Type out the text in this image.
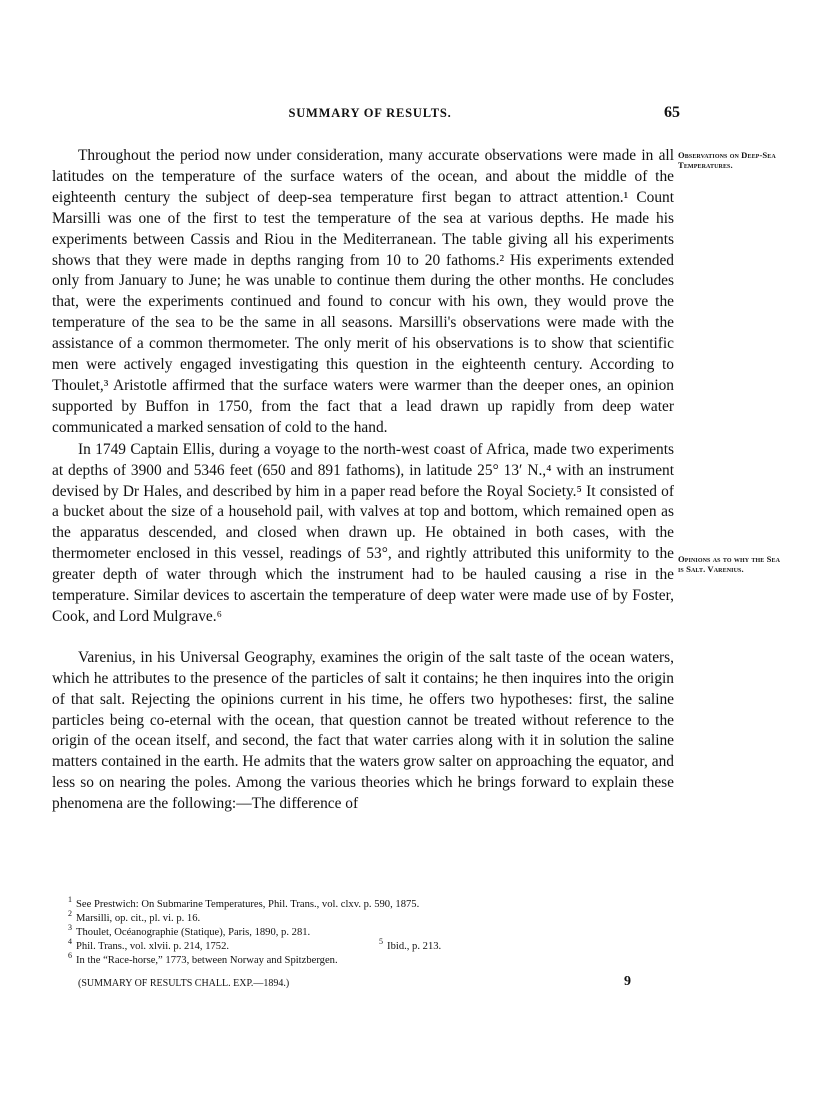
SUMMARY OF RESULTS.	65
Observations on Deep-Sea Temperatures.
Opinions as to why the Sea is Salt. Varenius.

Throughout the period now under consideration, many accurate observations were made in all latitudes on the temperature of the surface waters of the ocean, and about the middle of the eighteenth century the subject of deep-sea temperature first began to attract attention.¹ Count Marsilli was one of the first to test the temperature of the sea at various depths. He made his experiments between Cassis and Riou in the Mediterranean. The table giving all his experiments shows that they were made in depths ranging from 10 to 20 fathoms.² His experiments extended only from January to June; he was unable to continue them during the other months. He concludes that, were the experiments continued and found to concur with his own, they would prove the temperature of the sea to be the same in all seasons. Marsilli's observations were made with the assistance of a common thermometer. The only merit of his observations is to show that scientific men were actively engaged investigating this question in the eighteenth century. According to Thoulet,³ Aristotle affirmed that the surface waters were warmer than the deeper ones, an opinion supported by Buffon in 1750, from the fact that a lead drawn up rapidly from deep water communicated a marked sensation of cold to the hand.

In 1749 Captain Ellis, during a voyage to the north-west coast of Africa, made two experiments at depths of 3900 and 5346 feet (650 and 891 fathoms), in latitude 25° 13′ N.,⁴ with an instrument devised by Dr Hales, and described by him in a paper read before the Royal Society.⁵ It consisted of a bucket about the size of a household pail, with valves at top and bottom, which remained open as the apparatus descended, and closed when drawn up. He obtained in both cases, with the thermometer enclosed in this vessel, readings of 53°, and rightly attributed this uniformity to the greater depth of water through which the instrument had to be hauled causing a rise in the temperature. Similar devices to ascertain the temperature of deep water were made use of by Foster, Cook, and Lord Mulgrave.⁶

Varenius, in his Universal Geography, examines the origin of the salt taste of the ocean waters, which he attributes to the presence of the particles of salt it contains; he then inquires into the origin of that salt. Rejecting the opinions current in his time, he offers two hypotheses: first, the saline particles being co-eternal with the ocean, that question cannot be treated without reference to the origin of the ocean itself, and second, the fact that water carries along with it in solution the saline matters contained in the earth. He admits that the waters grow salter on approaching the equator, and less so on nearing the poles. Among the various theories which he brings forward to explain these phenomena are the following:—The difference of

$^1$ See Prestwich: On Submarine Temperatures, Phil. Trans., vol. clxv. p. 590, 1875.
$^2$ Marsilli, op. cit., pl. vi. p. 16.
$^3$ Thoulet, Océanographie (Statique), Paris, 1890, p. 281.
$^4$ Phil. Trans., vol. xlvii. p. 214, 1752.	$^5$ Ibid., p. 213.
$^6$ In the “Race-horse,” 1773, between Norway and Spitzbergen.
(SUMMARY OF RESULTS CHALL. EXP.—1894.)	9
